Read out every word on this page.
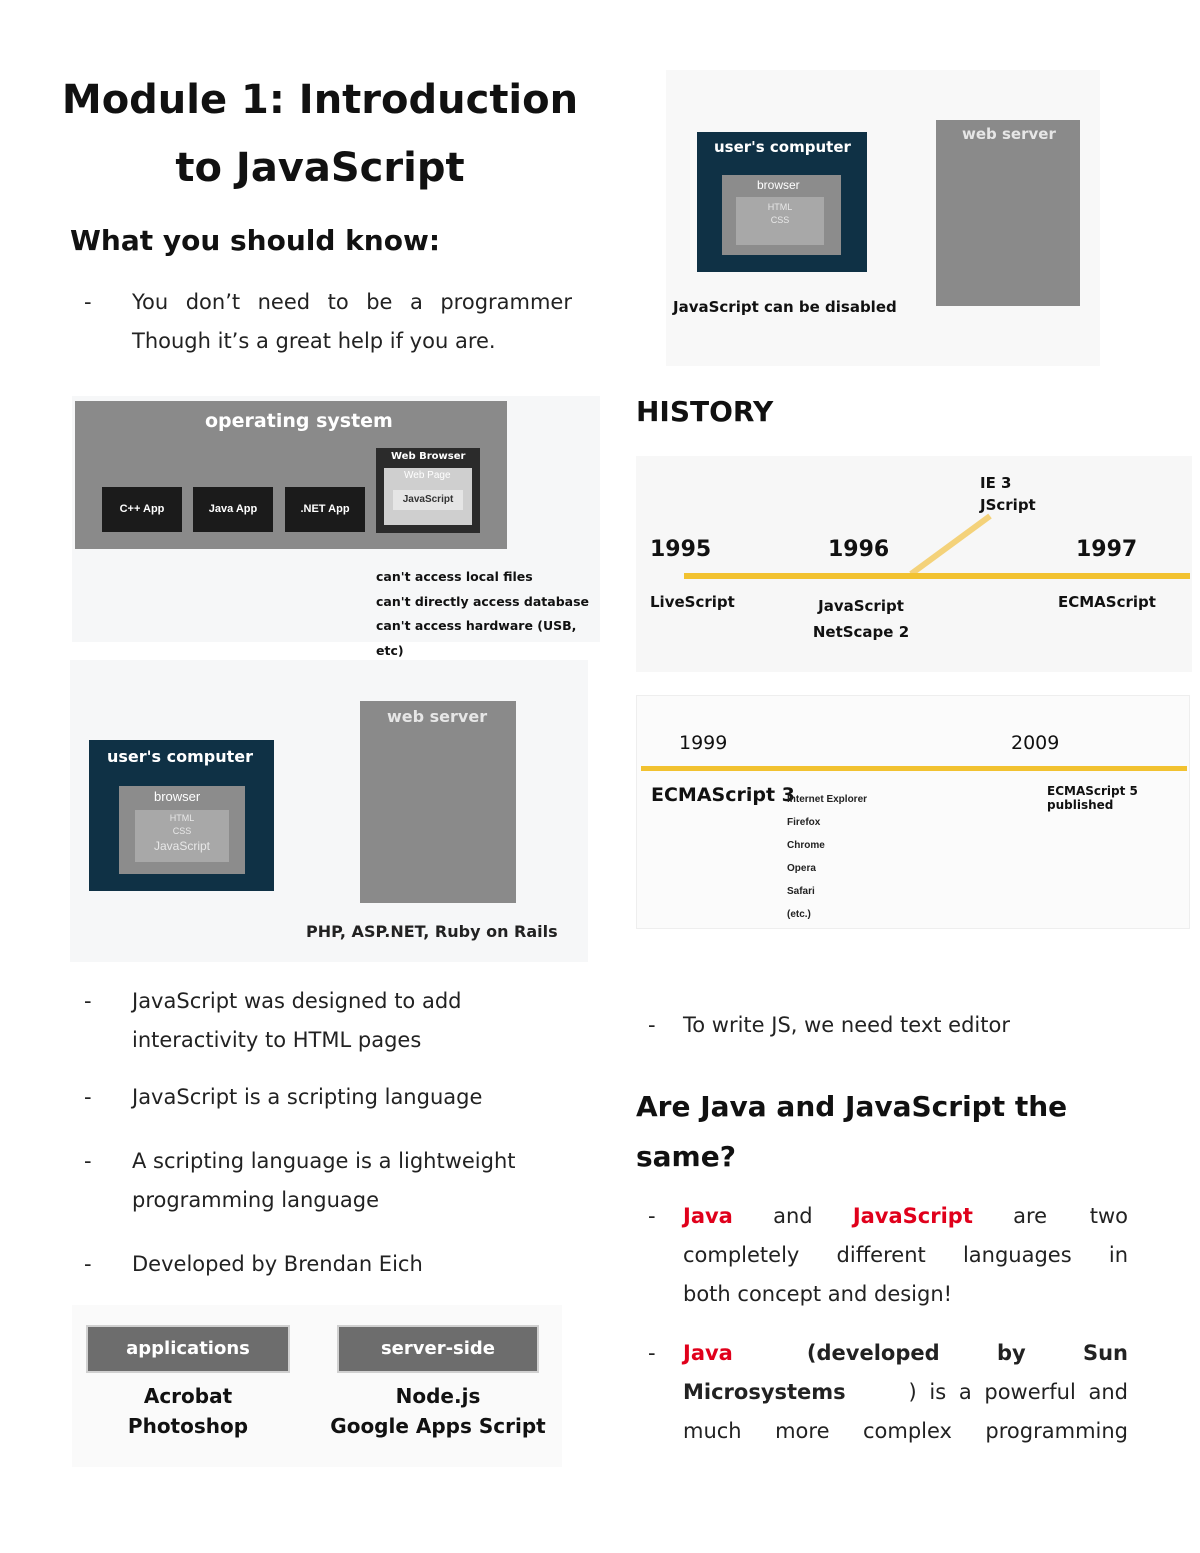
Module 1: Introduction
to JavaScript
What you should know:
- You don’t need to be a programmer
Though it’s a great help if you are.
operating system
C++ App	Java App	.NET App
Web Browser
Web Page
JavaScript
can't access local files
can't directly access database
can't access hardware (USB, etc)
user's computer
browser
HTML
CSS
JavaScript
web server
PHP, ASP.NET, Ruby on Rails
- JavaScript was designed to add
interactivity to HTML pages
- JavaScript is a scripting language
- A scripting language is a lightweight
programming language
- Developed by Brendan Eich
applications
Acrobat
Photoshop
server-side
Node.js
Google Apps Script
user's computer
browser
HTML
CSS
web server
JavaScript can be disabled
HISTORY
IE 3
JScript
1995	1996	1997
LiveScript	JavaScript
NetScape 2
ECMAScript
1999	2009
ECMAScript 3
Internet Explorer
Firefox
Chrome
Opera
Safari
(etc.)
ECMAScript 5 published
- To write JS, we need text editor
Are Java and JavaScript the
same?
- Java and JavaScript are two
completely different languages in
both concept and design!
- Java	(developed by Sun
Microsystems	) is a powerful and
much more complex programming
